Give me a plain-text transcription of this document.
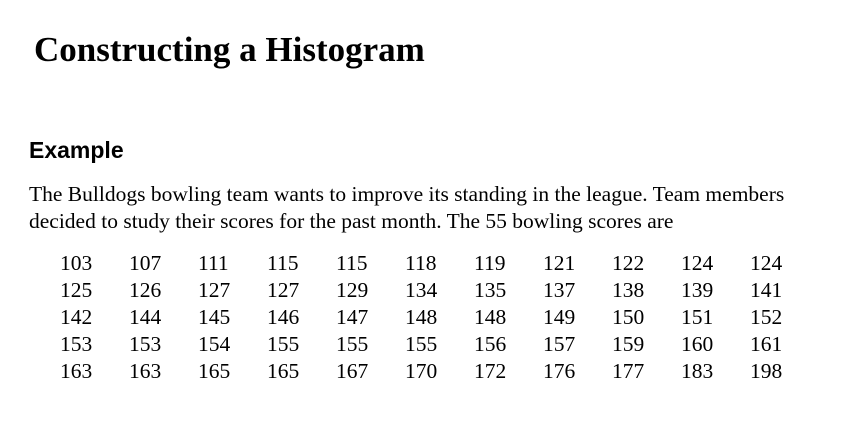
Constructing a Histogram
Example

The Bulldogs bowling team wants to improve its standing in the league. Team members
decided to study their scores for the past month. The 55 bowling scores are

103	107	111	115	115	118	119	121	122	124	124
125	126	127	127	129	134	135	137	138	139	141
142	144	145	146	147	148	148	149	150	151	152
153	153	154	155	155	155	156	157	159	160	161
163	163	165	165	167	170	172	176	177	183	198
